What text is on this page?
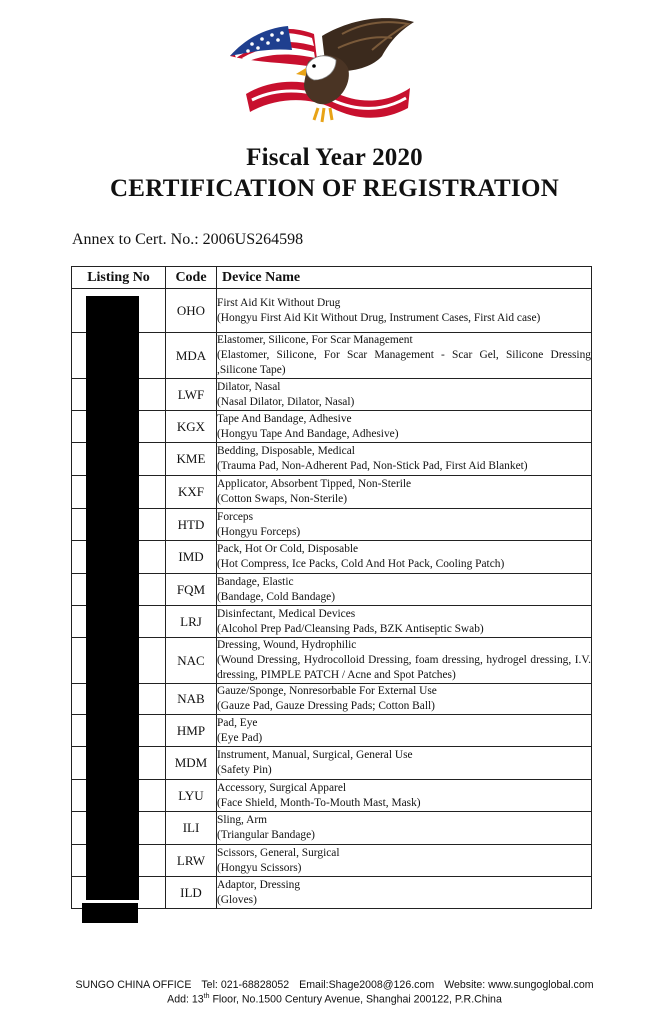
Fiscal Year 2020
CERTIFICATION OF REGISTRATION
Annex to Cert. No.: 2006US264598
Listing No	Code	Device Name
	OHO	First Aid Kit Without Drug
(Hongyu First Aid Kit Without Drug, Instrument Cases, First Aid case)

	MDA	Elastomer, Silicone, For Scar Management
(Elastomer, Silicone, For Scar Management - Scar Gel, Silicone Dressing ,Silicone Tape)

	LWF	Dilator, Nasal
(Nasal Dilator, Dilator, Nasal)

	KGX	Tape And Bandage, Adhesive
(Hongyu Tape And Bandage, Adhesive)

	KME	Bedding, Disposable, Medical
(Trauma Pad, Non-Adherent Pad, Non-Stick Pad, First Aid Blanket)

	KXF	Applicator, Absorbent Tipped, Non-Sterile
(Cotton Swaps, Non-Sterile)

	HTD	Forceps
(Hongyu Forceps)

	IMD	Pack, Hot Or Cold, Disposable
(Hot Compress, Ice Packs, Cold And Hot Pack, Cooling Patch)

	FQM	Bandage, Elastic
(Bandage, Cold Bandage)

	LRJ	Disinfectant, Medical Devices
(Alcohol Prep Pad/Cleansing Pads, BZK Antiseptic Swab)

	NAC	Dressing, Wound, Hydrophilic
(Wound Dressing, Hydrocolloid Dressing, foam dressing, hydrogel dressing, I.V. dressing, PIMPLE PATCH / Acne and Spot Patches)

	NAB	Gauze/Sponge, Nonresorbable For External Use
(Gauze Pad, Gauze Dressing Pads; Cotton Ball)

	HMP	Pad, Eye
(Eye Pad)

	MDM	Instrument, Manual, Surgical, General Use
(Safety Pin)

	LYU	Accessory, Surgical Apparel
(Face Shield, Month-To-Mouth Mast, Mask)

	ILI	Sling, Arm
(Triangular Bandage)

	LRW	Scissors, General, Surgical
(Hongyu Scissors)

	ILD	Adaptor, Dressing
(Gloves)
SUNGO CHINA OFFICE Tel: 021-68828052 Email:Shage2008@126.com Website: www.sungoglobal.com
Add: 13th Floor, No.1500 Century Avenue, Shanghai 200122, P.R.China
